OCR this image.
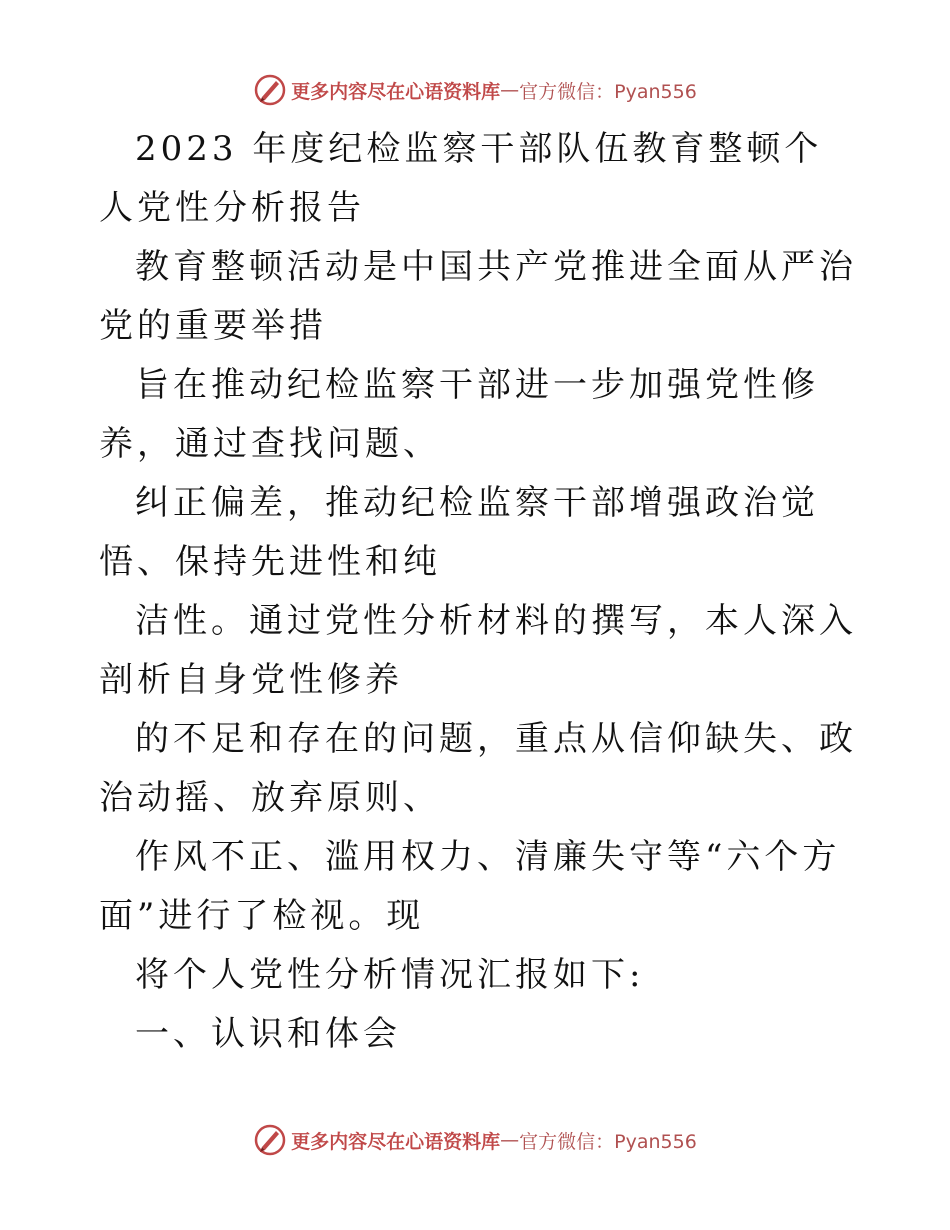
更多内容尽在心语资料库 — 官方微信：Pyan556

2023 年度纪检监察干部队伍教育整顿个人党性分析报告

教育整顿活动是中国共产党推进全面从严治党的重要举措

旨在推动纪检监察干部进一步加强党性修养，通过查找问题、

纠正偏差，推动纪检监察干部增强政治觉悟、保持先进性和纯

洁性。通过党性分析材料的撰写，本人深入剖析自身党性修养

的不足和存在的问题，重点从信仰缺失、政治动摇、放弃原则、

作风不正、滥用权力、清廉失守等“六个方面”进行了检视。现

将个人党性分析情况汇报如下:

一、认识和体会

更多内容尽在心语资料库 — 官方微信：Pyan556
